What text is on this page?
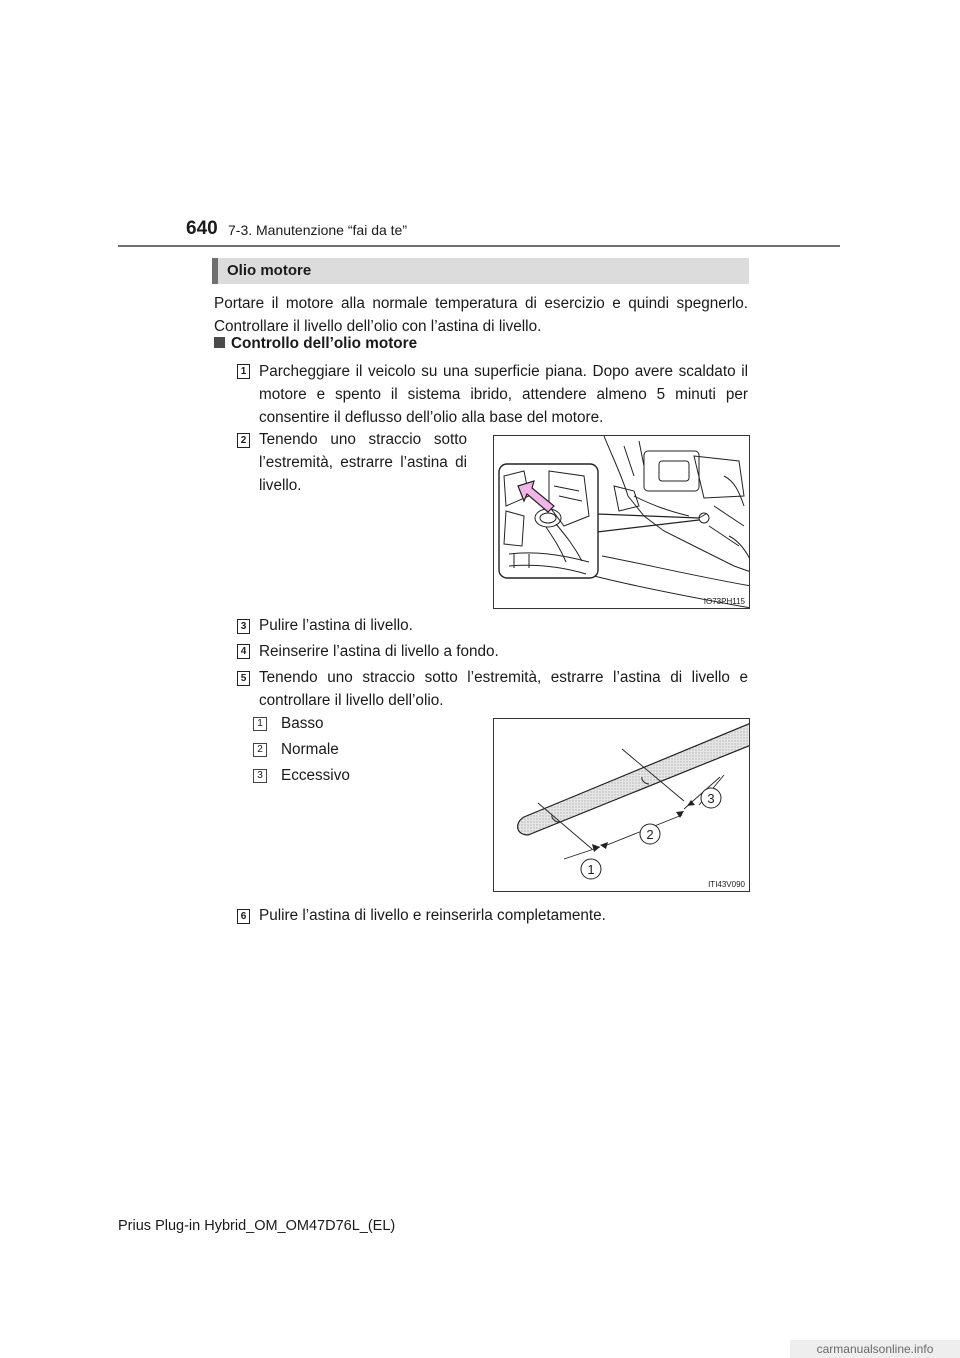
640 7-3. Manutenzione “fai da te”
Olio motore
Portare il motore alla normale temperatura di esercizio e quindi spegnerlo. Controllare il livello dell’olio con l’astina di livello.
Controllo dell’olio motore
1 Parcheggiare il veicolo su una superficie piana. Dopo avere scaldato il motore e spento il sistema ibrido, attendere almeno 5 minuti per consentire il deflusso dell’olio alla base del motore.
2 Tenendo uno straccio sotto l’estremità, estrarre l’astina di livello.
IO73PH115
3 Pulire l’astina di livello.
4 Reinserire l’astina di livello a fondo.
5 Tenendo uno straccio sotto l’estremità, estrarre l’astina di livello e controllare il livello dell’olio.
1 Basso
2 Normale
3 Eccessivo
1
2
3
ITI43V090
6 Pulire l’astina di livello e reinserirla completamente.
Prius Plug-in Hybrid_OM_OM47D76L_(EL)
carmanualsonline.info
